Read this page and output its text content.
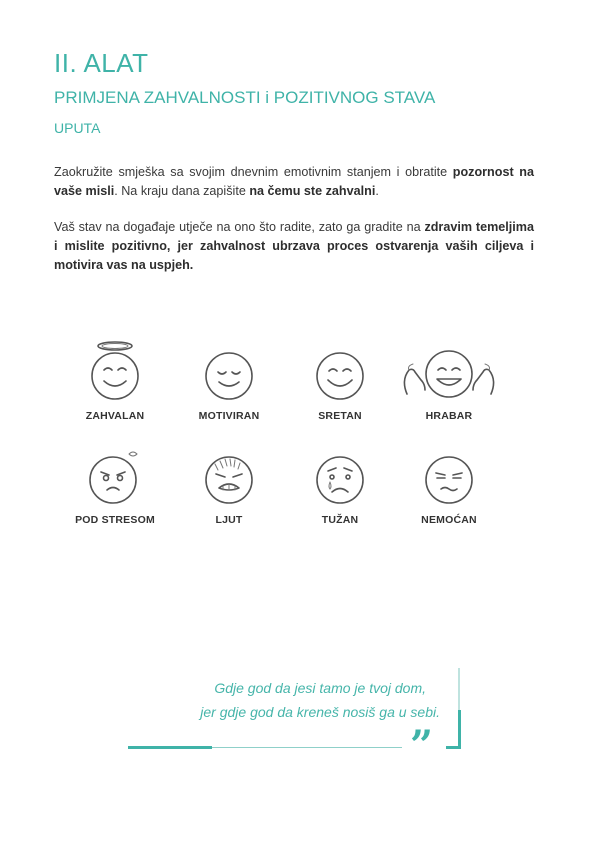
II. ALAT
PRIMJENA ZAHVALNOSTI i POZITIVNOG STAVA
UPUTA

Zaokružite smješka sa svojim dnevnim emotivnim stanjem i obratite pozornost na vaše misli. Na kraju dana zapišite na čemu ste zahvalni.

Vaš stav na događaje utječe na ono što radite, zato ga gradite na zdravim temeljima i mislite pozitivno, jer zahvalnost ubrzava proces ostvarenja vaših ciljeva i motivira vas na uspjeh.

ZAHVALAN	MOTIVIRAN	SRETAN	HRABAR
POD STRESOM	LJUT	TUŽAN	NEMOĆAN

Gdje god da jesi tamo je tvoj dom,

jer gdje god da kreneš nosiš ga u sebi.

”
